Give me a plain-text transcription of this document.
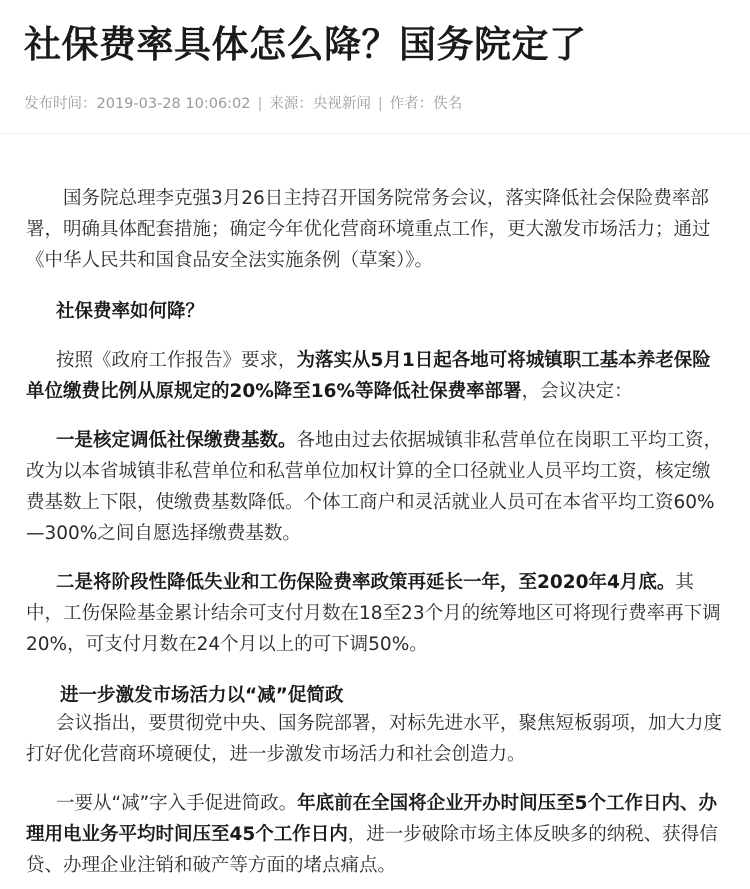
社保费率具体怎么降？国务院定了
发布时间：2019-03-28 10:06:02 | 来源：央视新闻 | 作者：佚名

国务院总理李克强3月26日主持召开国务院常务会议，落实降低社会保险费率部署，明确具体配套措施；确定今年优化营商环境重点工作，更大激发市场活力；通过《中华人民共和国食品安全法实施条例（草案）》。

社保费率如何降？

按照《政府工作报告》要求，为落实从5月1日起各地可将城镇职工基本养老保险单位缴费比例从原规定的20%降至16%等降低社保费率部署，会议决定：

一是核定调低社保缴费基数。各地由过去依据城镇非私营单位在岗职工平均工资，改为以本省城镇非私营单位和私营单位加权计算的全口径就业人员平均工资，核定缴费基数上下限，使缴费基数降低。个体工商户和灵活就业人员可在本省平均工资60%—300%之间自愿选择缴费基数。

二是将阶段性降低失业和工伤保险费率政策再延长一年，至2020年4月底。其中，工伤保险基金累计结余可支付月数在18至23个月的统筹地区可将现行费率再下调20%，可支付月数在24个月以上的可下调50%。

进一步激发市场活力以“减”促简政

会议指出，要贯彻党中央、国务院部署，对标先进水平，聚焦短板弱项，加大力度打好优化营商环境硬仗，进一步激发市场活力和社会创造力。

一要从“减”字入手促进简政。年底前在全国将企业开办时间压至5个工作日内、办理用电业务平均时间压至45个工作日内，进一步破除市场主体反映多的纳税、获得信贷、办理企业注销和破产等方面的堵点痛点。
